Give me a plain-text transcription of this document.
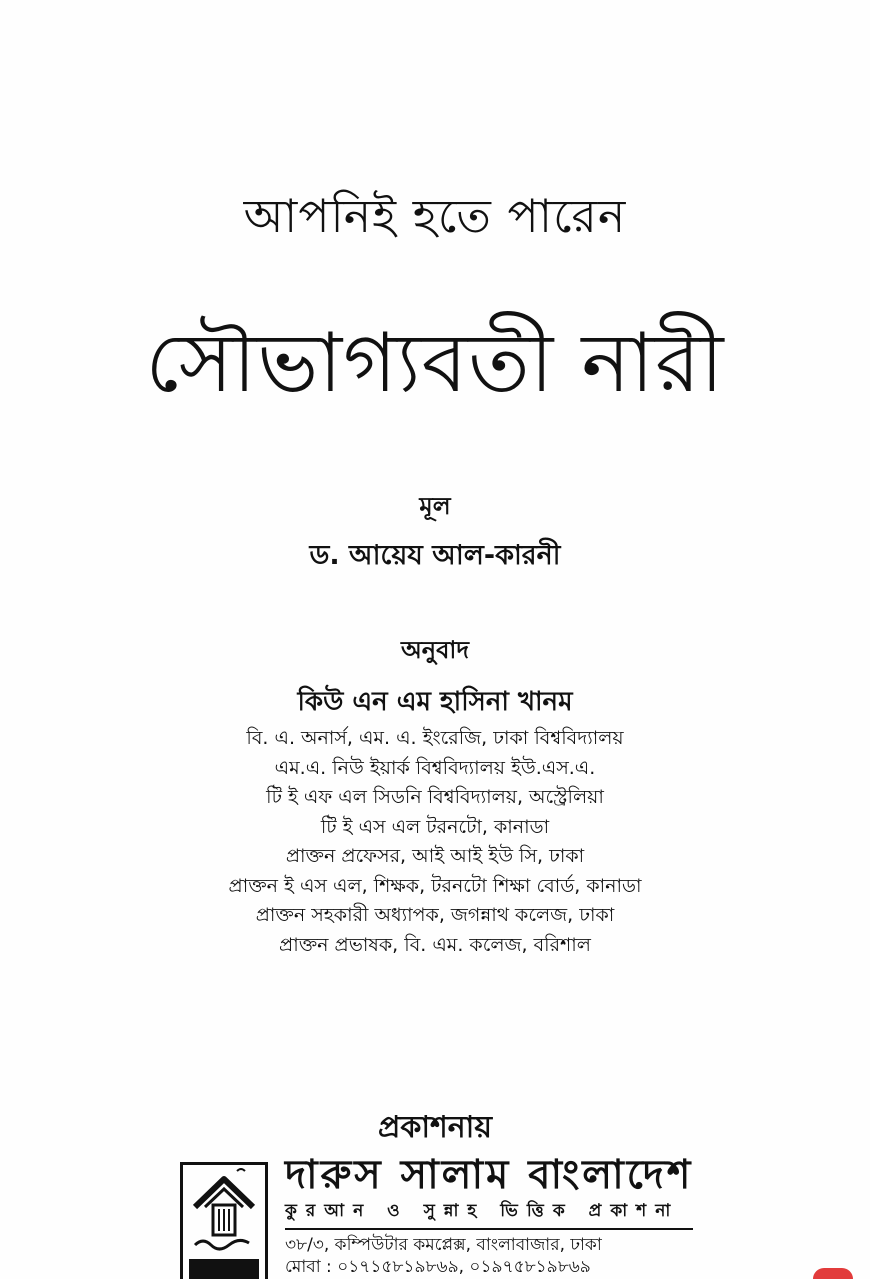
আপনিই হতে পারেন
সৌভাগ্যবতী নারী
মূল
ড. আয়েয আল-কারনী
অনুবাদ
কিউ এন এম হাসিনা খানম
বি. এ. অনার্স, এম. এ. ইংরেজি, ঢাকা বিশ্ববিদ্যালয়
এম.এ. নিউ ইয়ার্ক বিশ্ববিদ্যালয় ইউ.এস.এ.
টি ই এফ এল সিডনি বিশ্ববিদ্যালয়, অস্ট্রেলিয়া
টি ই এস এল টরনটো, কানাডা
প্রাক্তন প্রফেসর, আই আই ইউ সি, ঢাকা
প্রাক্তন ই এস এল, শিক্ষক, টরনটো শিক্ষা বোর্ড, কানাডা
প্রাক্তন সহকারী অধ্যাপক, জগন্নাথ কলেজ, ঢাকা
প্রাক্তন প্রভাষক, বি. এম. কলেজ, বরিশাল
প্রকাশনায়
দারুস সালাম বাংলাদেশ
কুরআন ও সুন্নাহ ভিত্তিক প্রকাশনা
৩৮/৩, কম্পিউটার কমপ্লেক্স, বাংলাবাজার, ঢাকা
মোবা : ০১৭১৫৮১৯৮৬৯, ০১৯৭৫৮১৯৮৬৯
